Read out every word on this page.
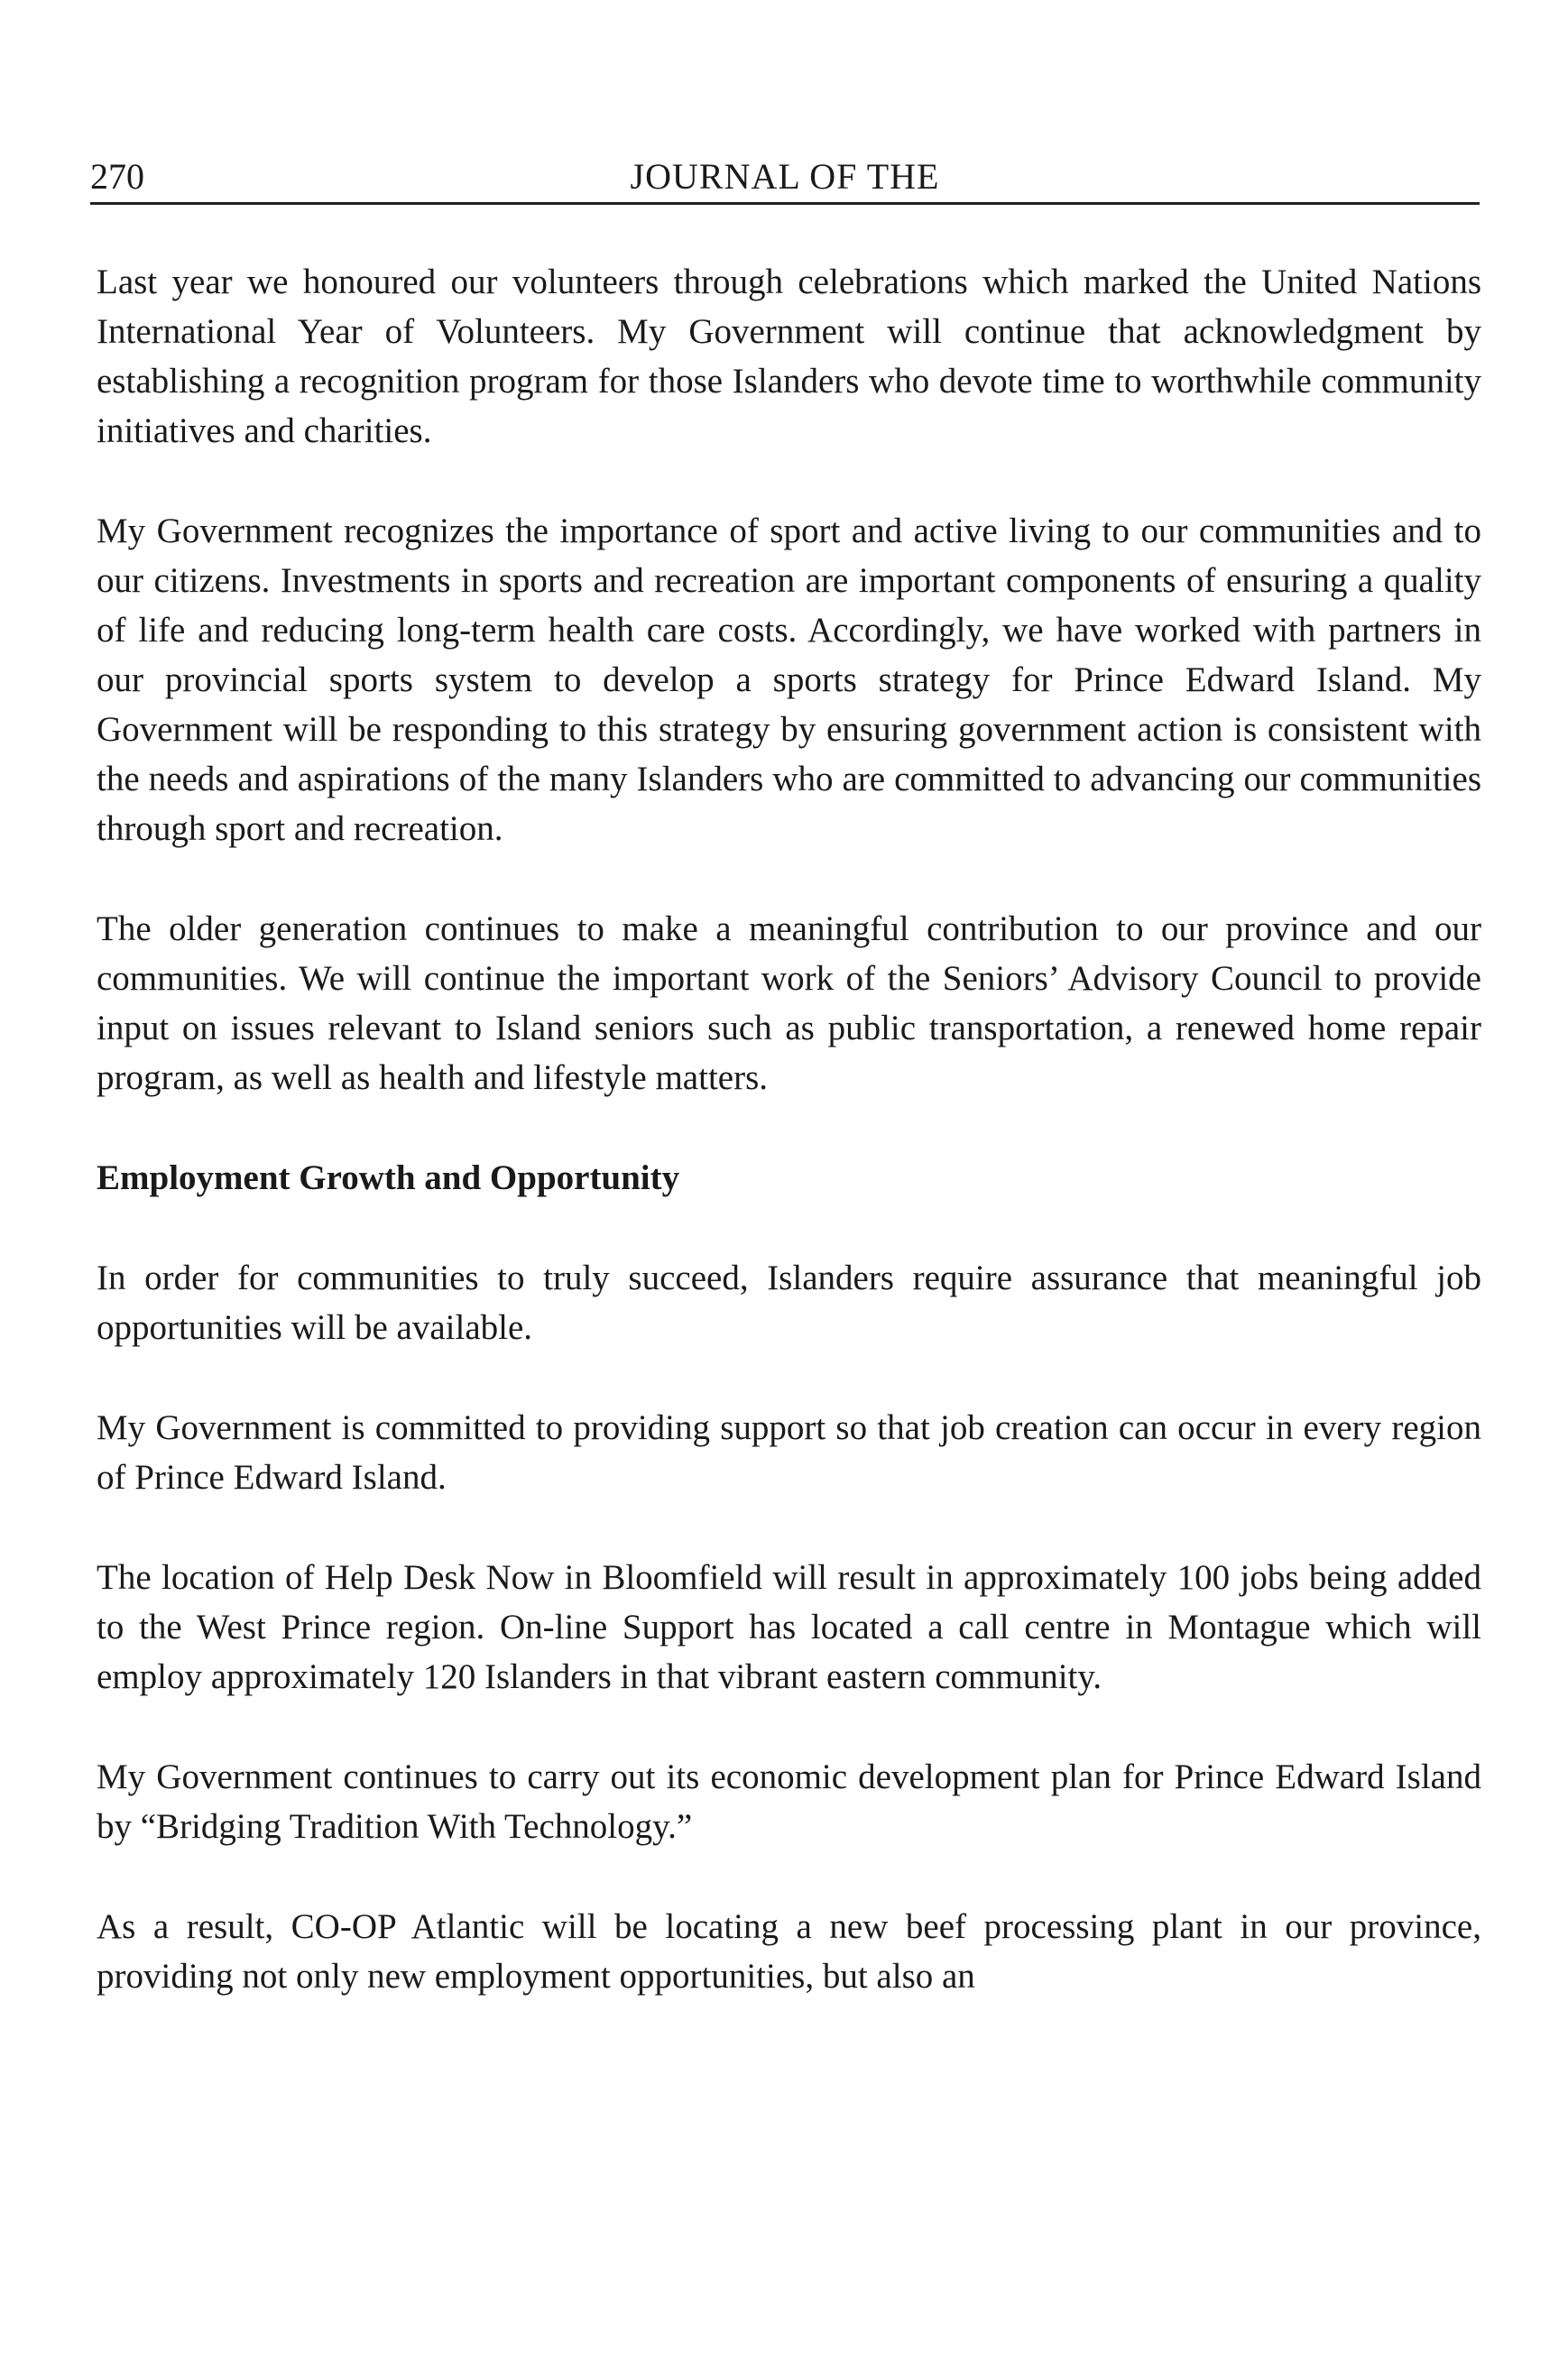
270	JOURNAL OF THE

Last year we honoured our volunteers through celebrations which marked the United Nations International Year of Volunteers. My Government will continue that acknowledgment by establishing a recognition program for those Islanders who devote time to worthwhile community initiatives and charities.

My Government recognizes the importance of sport and active living to our communities and to our citizens. Investments in sports and recreation are important components of ensuring a quality of life and reducing long-term health care costs. Accordingly, we have worked with partners in our provincial sports system to develop a sports strategy for Prince Edward Island. My Government will be responding to this strategy by ensuring government action is consistent with the needs and aspirations of the many Islanders who are committed to advancing our communities through sport and recreation.

The older generation continues to make a meaningful contribution to our province and our communities. We will continue the important work of the Seniors’ Advisory Council to provide input on issues relevant to Island seniors such as public transportation, a renewed home repair program, as well as health and lifestyle matters.

Employment Growth and Opportunity

In order for communities to truly succeed, Islanders require assurance that meaningful job opportunities will be available.

My Government is committed to providing support so that job creation can occur in every region of Prince Edward Island.

The location of Help Desk Now in Bloomfield will result in approximately 100 jobs being added to the West Prince region. On-line Support has located a call centre in Montague which will employ approximately 120 Islanders in that vibrant eastern community.

My Government continues to carry out its economic development plan for Prince Edward Island by “Bridging Tradition With Technology.”

As a result, CO-OP Atlantic will be locating a new beef processing plant in our province, providing not only new employment opportunities, but also an
